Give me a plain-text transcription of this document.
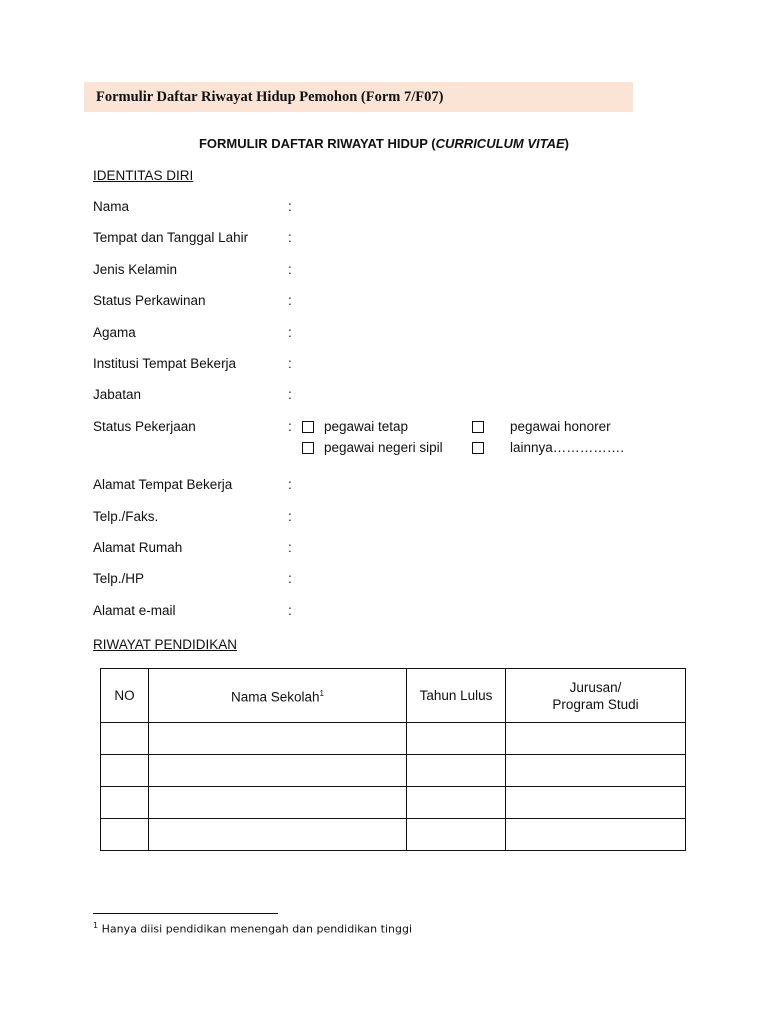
Formulir Daftar Riwayat Hidup Pemohon (Form 7/F07)
FORMULIR DAFTAR RIWAYAT HIDUP (CURRICULUM VITAE)
IDENTITAS DIRI
Nama	:
Tempat dan Tanggal Lahir	:
Jenis Kelamin	:
Status Perkawinan	:
Agama	:
Institusi Tempat Bekerja	:
Jabatan	:
Status Pekerjaan	: pegawai tetap	pegawai honorer
pegawai negeri sipil	lainnya…………….
Alamat Tempat Bekerja	:
Telp./Faks.	:
Alamat Rumah	:
Telp./HP	:
Alamat e-mail	:
RIWAYAT PENDIDIKAN
NO	Nama Sekolah$^1$	Tahun Lulus	Jurusan/
Program Studi

$^1$ Hanya diisi pendidikan menengah dan pendidikan tinggi
